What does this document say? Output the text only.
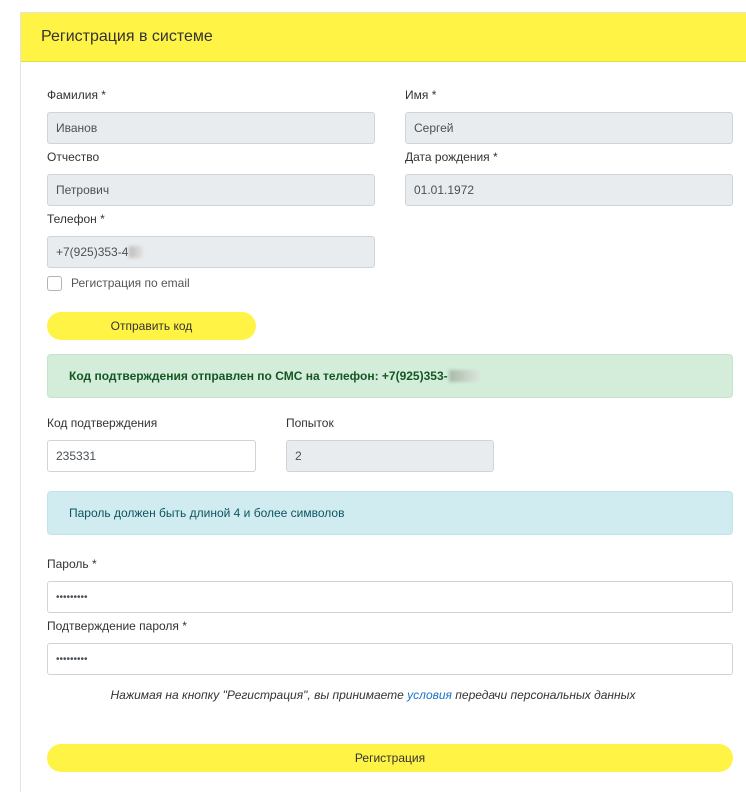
Регистрация в системе
Фамилия *
Иванов
Имя *
Сергей
Отчество
Петрович
Дата рождения *
01.01.1972
Телефон *
+7(925)353-4
Регистрация по email
Отправить код
Код подтверждения отправлен по СМС на телефон: +7(925)353-
Код подтверждения
235331
Попыток
2
Пароль должен быть длиной 4 и более символов
Пароль *
•••••••••
Подтверждение пароля *
•••••••••
Нажимая на кнопку "Регистрация", вы принимаете условия передачи персональных данных
Регистрация
